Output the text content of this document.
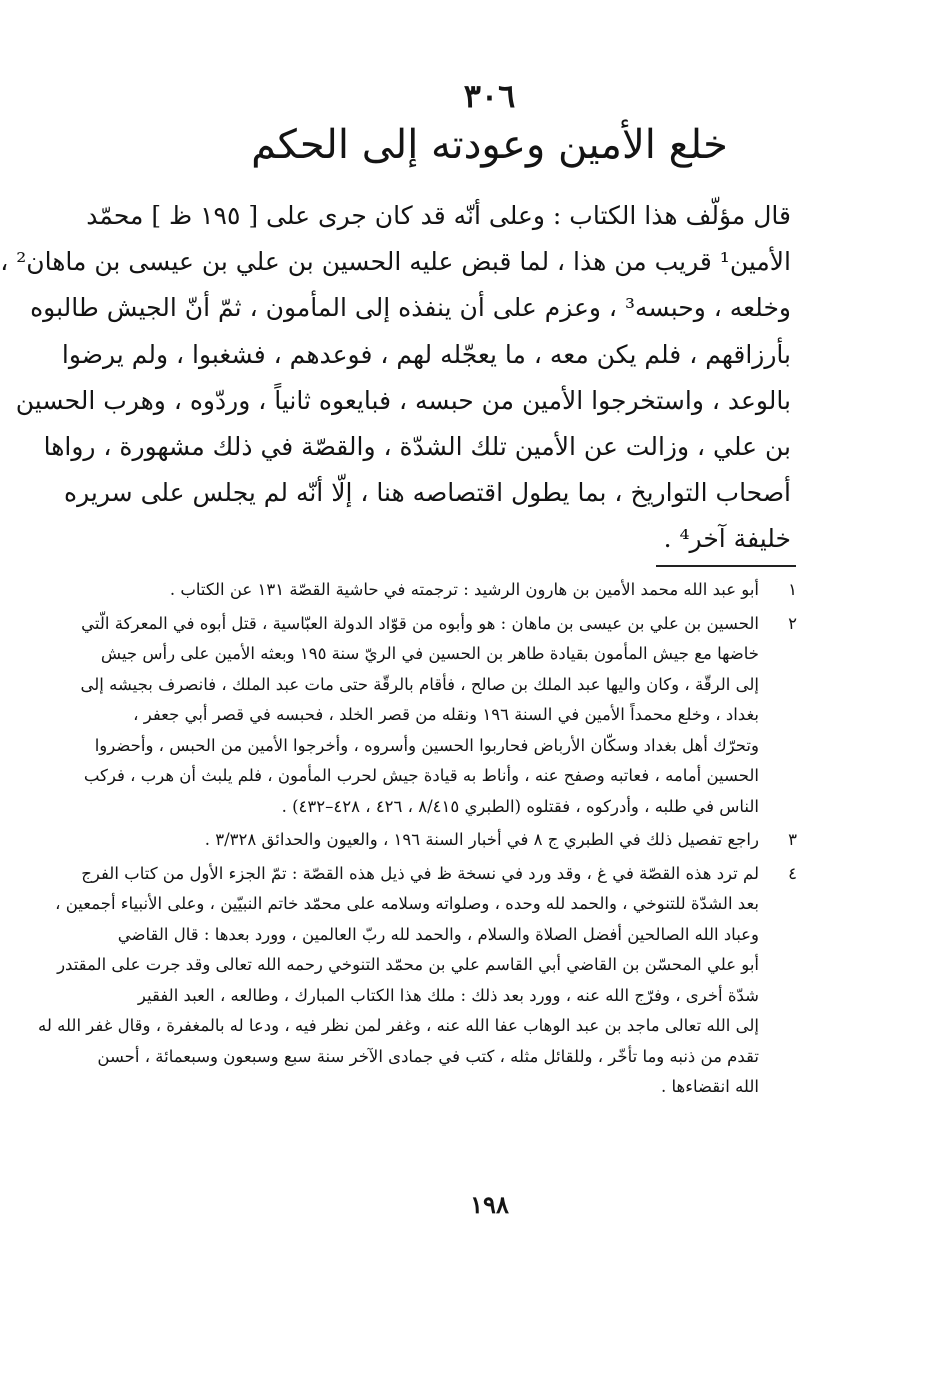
٣٠٦
خلع الأمين وعودته إلى الحكم
قال مؤلّف هذا الكتاب : وعلى أنّه قد كان جرى على [ ١٩٥ ظ ] محمّد
الأمين¹ قريب من هذا ، لما قبض عليه الحسين بن علي بن عيسى بن ماهان² ،
وخلعه ، وحبسه³ ، وعزم على أن ينفذه إلى المأمون ، ثمّ أنّ الجيش طالبوه
بأرزاقهم ، فلم يكن معه ، ما يعجّله لهم ، فوعدهم ، فشغبوا ، ولم يرضوا
بالوعد ، واستخرجوا الأمين من حبسه ، فبايعوه ثانياً ، وردّوه ، وهرب الحسين
بن علي ، وزالت عن الأمين تلك الشدّة ، والقصّة في ذلك مشهورة ، رواها
أصحاب التواريخ ، بما يطول اقتصاصه هنا ، إلّا أنّه لم يجلس على سريره
خليفة آخر⁴ .
١
أبو عبد الله محمد الأمين بن هارون الرشيد : ترجمته في حاشية القصّة ١٣١ عن الكتاب .
٢
الحسين بن علي بن عيسى بن ماهان : هو وأبوه من قوّاد الدولة العبّاسية ، قتل أبوه في المعركة الّتي
خاضها مع جيش المأمون بقيادة طاهر بن الحسين في الريّ سنة ١٩٥ وبعثه الأمين على رأس جيش
إلى الرقّة ، وكان واليها عبد الملك بن صالح ، فأقام بالرقّة حتى مات عبد الملك ، فانصرف بجيشه إلى
بغداد ، وخلع محمداً الأمين في السنة ١٩٦ ونقله من قصر الخلد ، فحبسه في قصر أبي جعفر ،
وتحرّك أهل بغداد وسكّان الأرباض فحاربوا الحسين وأسروه ، وأخرجوا الأمين من الحبس ، وأحضروا
الحسين أمامه ، فعاتبه وصفح عنه ، وأناط به قيادة جيش لحرب المأمون ، فلم يلبث أن هرب ، فركب
الناس في طلبه ، وأدركوه ، فقتلوه (الطبري ٨/٤١٥ ، ٤٢٦ ، ٤٢٨–٤٣٢) .
٣
راجع تفصيل ذلك في الطبري ج ٨ في أخبار السنة ١٩٦ ، والعيون والحدائق ٣/٣٢٨ .
٤
لم ترد هذه القصّة في غ ، وقد ورد في نسخة ظ في ذيل هذه القصّة : تمّ الجزء الأول من كتاب الفرج
بعد الشدّة للتنوخي ، والحمد لله وحده ، وصلواته وسلامه على محمّد خاتم النبيّين ، وعلى الأنبياء أجمعين ،
وعباد الله الصالحين أفضل الصلاة والسلام ، والحمد لله ربّ العالمين ، وورد بعدها : قال القاضي
أبو علي المحسّن بن القاضي أبي القاسم علي بن محمّد التنوخي رحمه الله تعالى وقد جرت على المقتدر
شدّة أخرى ، وفرّج الله عنه ، وورد بعد ذلك : ملك هذا الكتاب المبارك ، وطالعه ، العبد الفقير
إلى الله تعالى ماجد بن عبد الوهاب عفا الله عنه ، وغفر لمن نظر فيه ، ودعا له بالمغفرة ، وقال غفر الله له
تقدم من ذنبه وما تأخّر ، وللقائل مثله ، كتب في جمادى الآخر سنة سبع وسبعون وسبعمائة ، أحسن
الله انقضاءها .
١٩٨
